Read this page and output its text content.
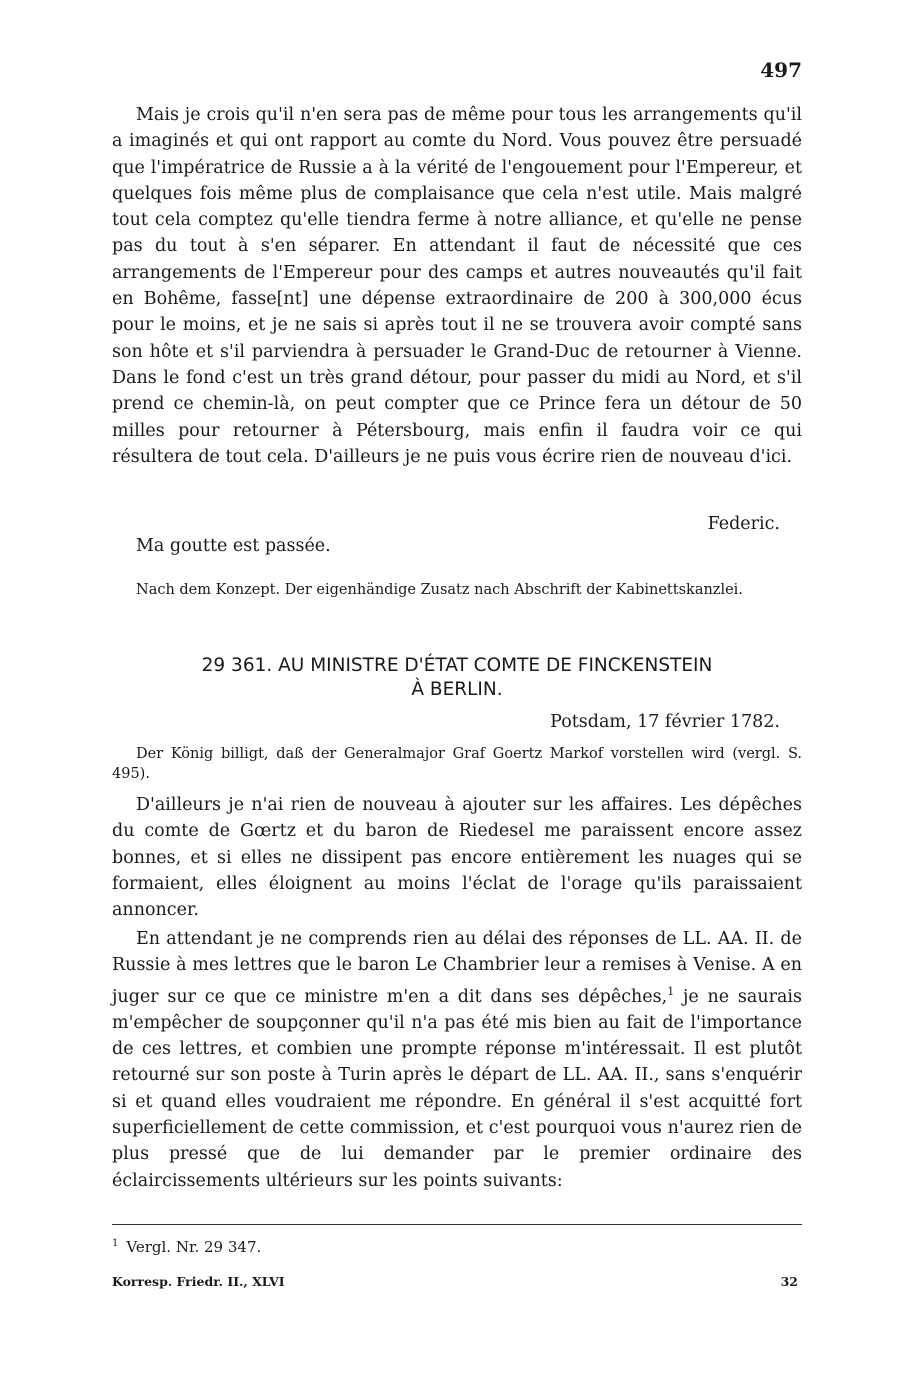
497

Mais je crois qu'il n'en sera pas de même pour tous les arrangements qu'il a imaginés et qui ont rapport au comte du Nord. Vous pouvez être persuadé que l'impératrice de Russie a à la vérité de l'engouement pour l'Empereur, et quelques fois même plus de complaisance que cela n'est utile. Mais malgré tout cela comptez qu'elle tiendra ferme à notre alliance, et qu'elle ne pense pas du tout à s'en séparer. En attendant il faut de nécessité que ces arrangements de l'Empereur pour des camps et autres nouveautés qu'il fait en Bohême, fasse[nt] une dépense extraordinaire de 200 à 300,000 écus pour le moins, et je ne sais si après tout il ne se trouvera avoir compté sans son hôte et s'il parviendra à persuader le Grand-Duc de retourner à Vienne. Dans le fond c'est un très grand détour, pour passer du midi au Nord, et s'il prend ce chemin-là, on peut compter que ce Prince fera un détour de 50 milles pour retourner à Pétersbourg, mais enfin il faudra voir ce qui résultera de tout cela. D'ailleurs je ne puis vous écrire rien de nouveau d'ici.

Ma goutte est passée.
Federic.

Nach dem Konzept. Der eigenhändige Zusatz nach Abschrift der Kabinettskanzlei.

29 361. AU MINISTRE D'ÉTAT COMTE DE FINCKENSTEIN
À BERLIN.
Potsdam, 17 février 1782.

Der König billigt, daß der Generalmajor Graf Goertz Markof vorstellen wird (vergl. S. 495).

D'ailleurs je n'ai rien de nouveau à ajouter sur les affaires. Les dépêches du comte de Gœrtz et du baron de Riedesel me paraissent encore assez bonnes, et si elles ne dissipent pas encore entièrement les nuages qui se formaient, elles éloignent au moins l'éclat de l'orage qu'ils paraissaient annoncer.

En attendant je ne comprends rien au délai des réponses de LL. AA. II. de Russie à mes lettres que le baron Le Chambrier leur a remises à Venise. A en juger sur ce que ce ministre m'en a dit dans ses dépêches,$^1$ je ne saurais m'empêcher de soupçonner qu'il n'a pas été mis bien au fait de l'importance de ces lettres, et combien une prompte réponse m'intéressait. Il est plutôt retourné sur son poste à Turin après le départ de LL. AA. II., sans s'enquérir si et quand elles voudraient me répondre. En général il s'est acquitté fort superficiellement de cette commission, et c'est pourquoi vous n'aurez rien de plus pressé que de lui demander par le premier ordinaire des éclaircissements ultérieurs sur les points suivants:

$^1$ Vergl. Nr. 29 347.
Korresp. Friedr. II., XLVI	32
